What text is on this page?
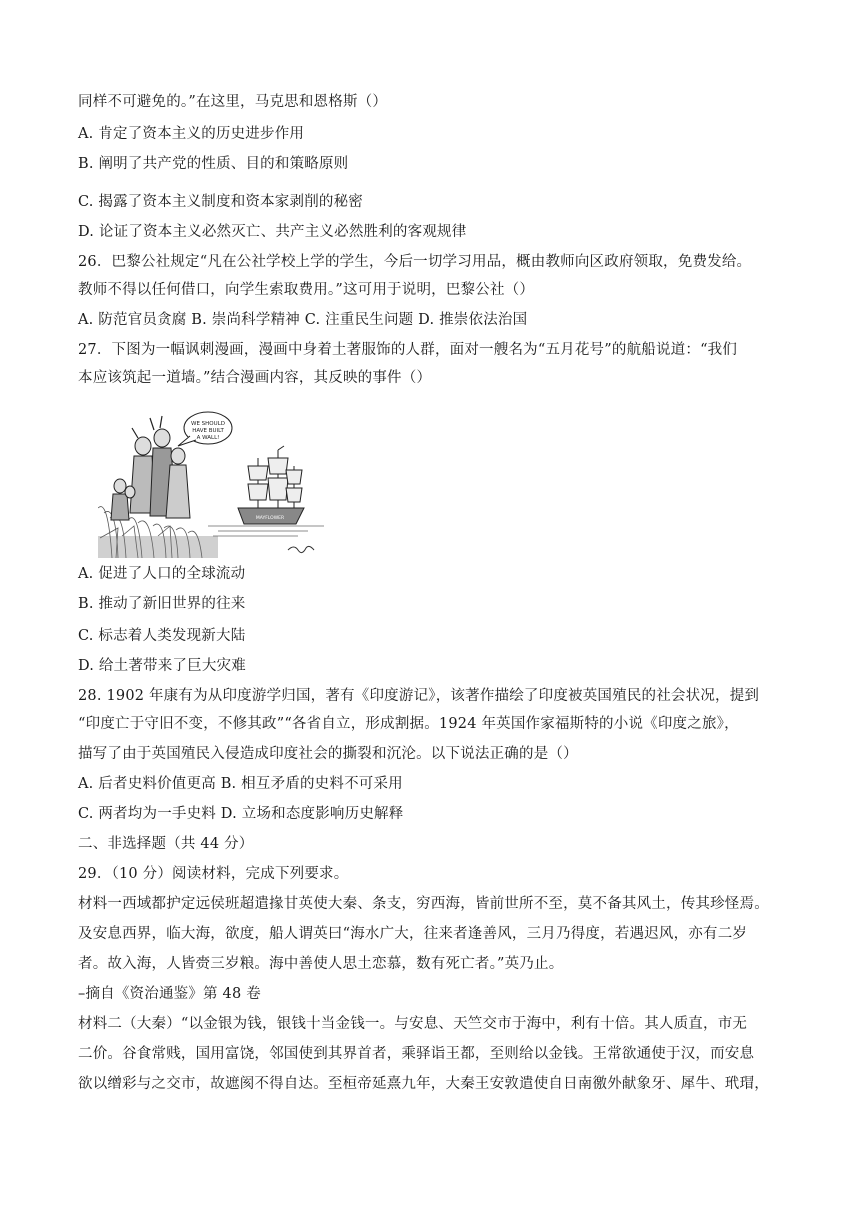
同样不可避免的。”在这里，马克思和恩格斯（）
A. 肯定了资本主义的历史进步作用
B. 阐明了共产党的性质、目的和策略原则
C. 揭露了资本主义制度和资本家剥削的秘密
D. 论证了资本主义必然灭亡、共产主义必然胜利的客观规律
26．巴黎公社规定“凡在公社学校上学的学生，今后一切学习用品，概由教师向区政府领取，免费发给。
教师不得以任何借口，向学生索取费用。”这可用于说明，巴黎公社（）
A. 防范官员贪腐 B. 崇尚科学精神 C. 注重民生问题 D. 推崇依法治国
27．下图为一幅讽刺漫画，漫画中身着土著服饰的人群，面对一艘名为“五月花号”的航船说道：“我们
本应该筑起一道墙。”结合漫画内容，其反映的事件（）
WE SHOULD
HAVE BUILT
A WALL!
MAYFLOWER
A. 促进了人口的全球流动
B. 推动了新旧世界的往来
C. 标志着人类发现新大陆
D. 给土著带来了巨大灾难
28. 1902 年康有为从印度游学归国，著有《印度游记》，该著作描绘了印度被英国殖民的社会状况，提到
“印度亡于守旧不变，不修其政”“各省自立，形成割据。1924 年英国作家福斯特的小说《印度之旅》，
描写了由于英国殖民入侵造成印度社会的撕裂和沉沦。以下说法正确的是（）
A. 后者史料价值更高 B. 相互矛盾的史料不可采用
C. 两者均为一手史料 D. 立场和态度影响历史解释
二、非选择题（共 44 分）
29．（10 分）阅读材料，完成下列要求。
材料一西域都护定远侯班超遣掾甘英使大秦、条支，穷西海，皆前世所不至，莫不备其风土，传其珍怪焉。
及安息西界，临大海，欲度，船人谓英曰“海水广大，往来者逢善风，三月乃得度，若遇迟风，亦有二岁
者。故入海，人皆赍三岁粮。海中善使人思土恋慕，数有死亡者。”英乃止。
–摘自《资治通鉴》第 48 卷
材料二（大秦）“以金银为钱，银钱十当金钱一。与安息、天竺交市于海中，利有十倍。其人质直，市无
二价。谷食常贱，国用富饶，邻国使到其界首者，乘驿诣王都，至则给以金钱。王常欲通使于汉，而安息
欲以缯彩与之交市，故遮阂不得自达。至桓帝延熹九年，大秦王安敦遣使自日南徼外献象牙、犀牛、玳瑁，
